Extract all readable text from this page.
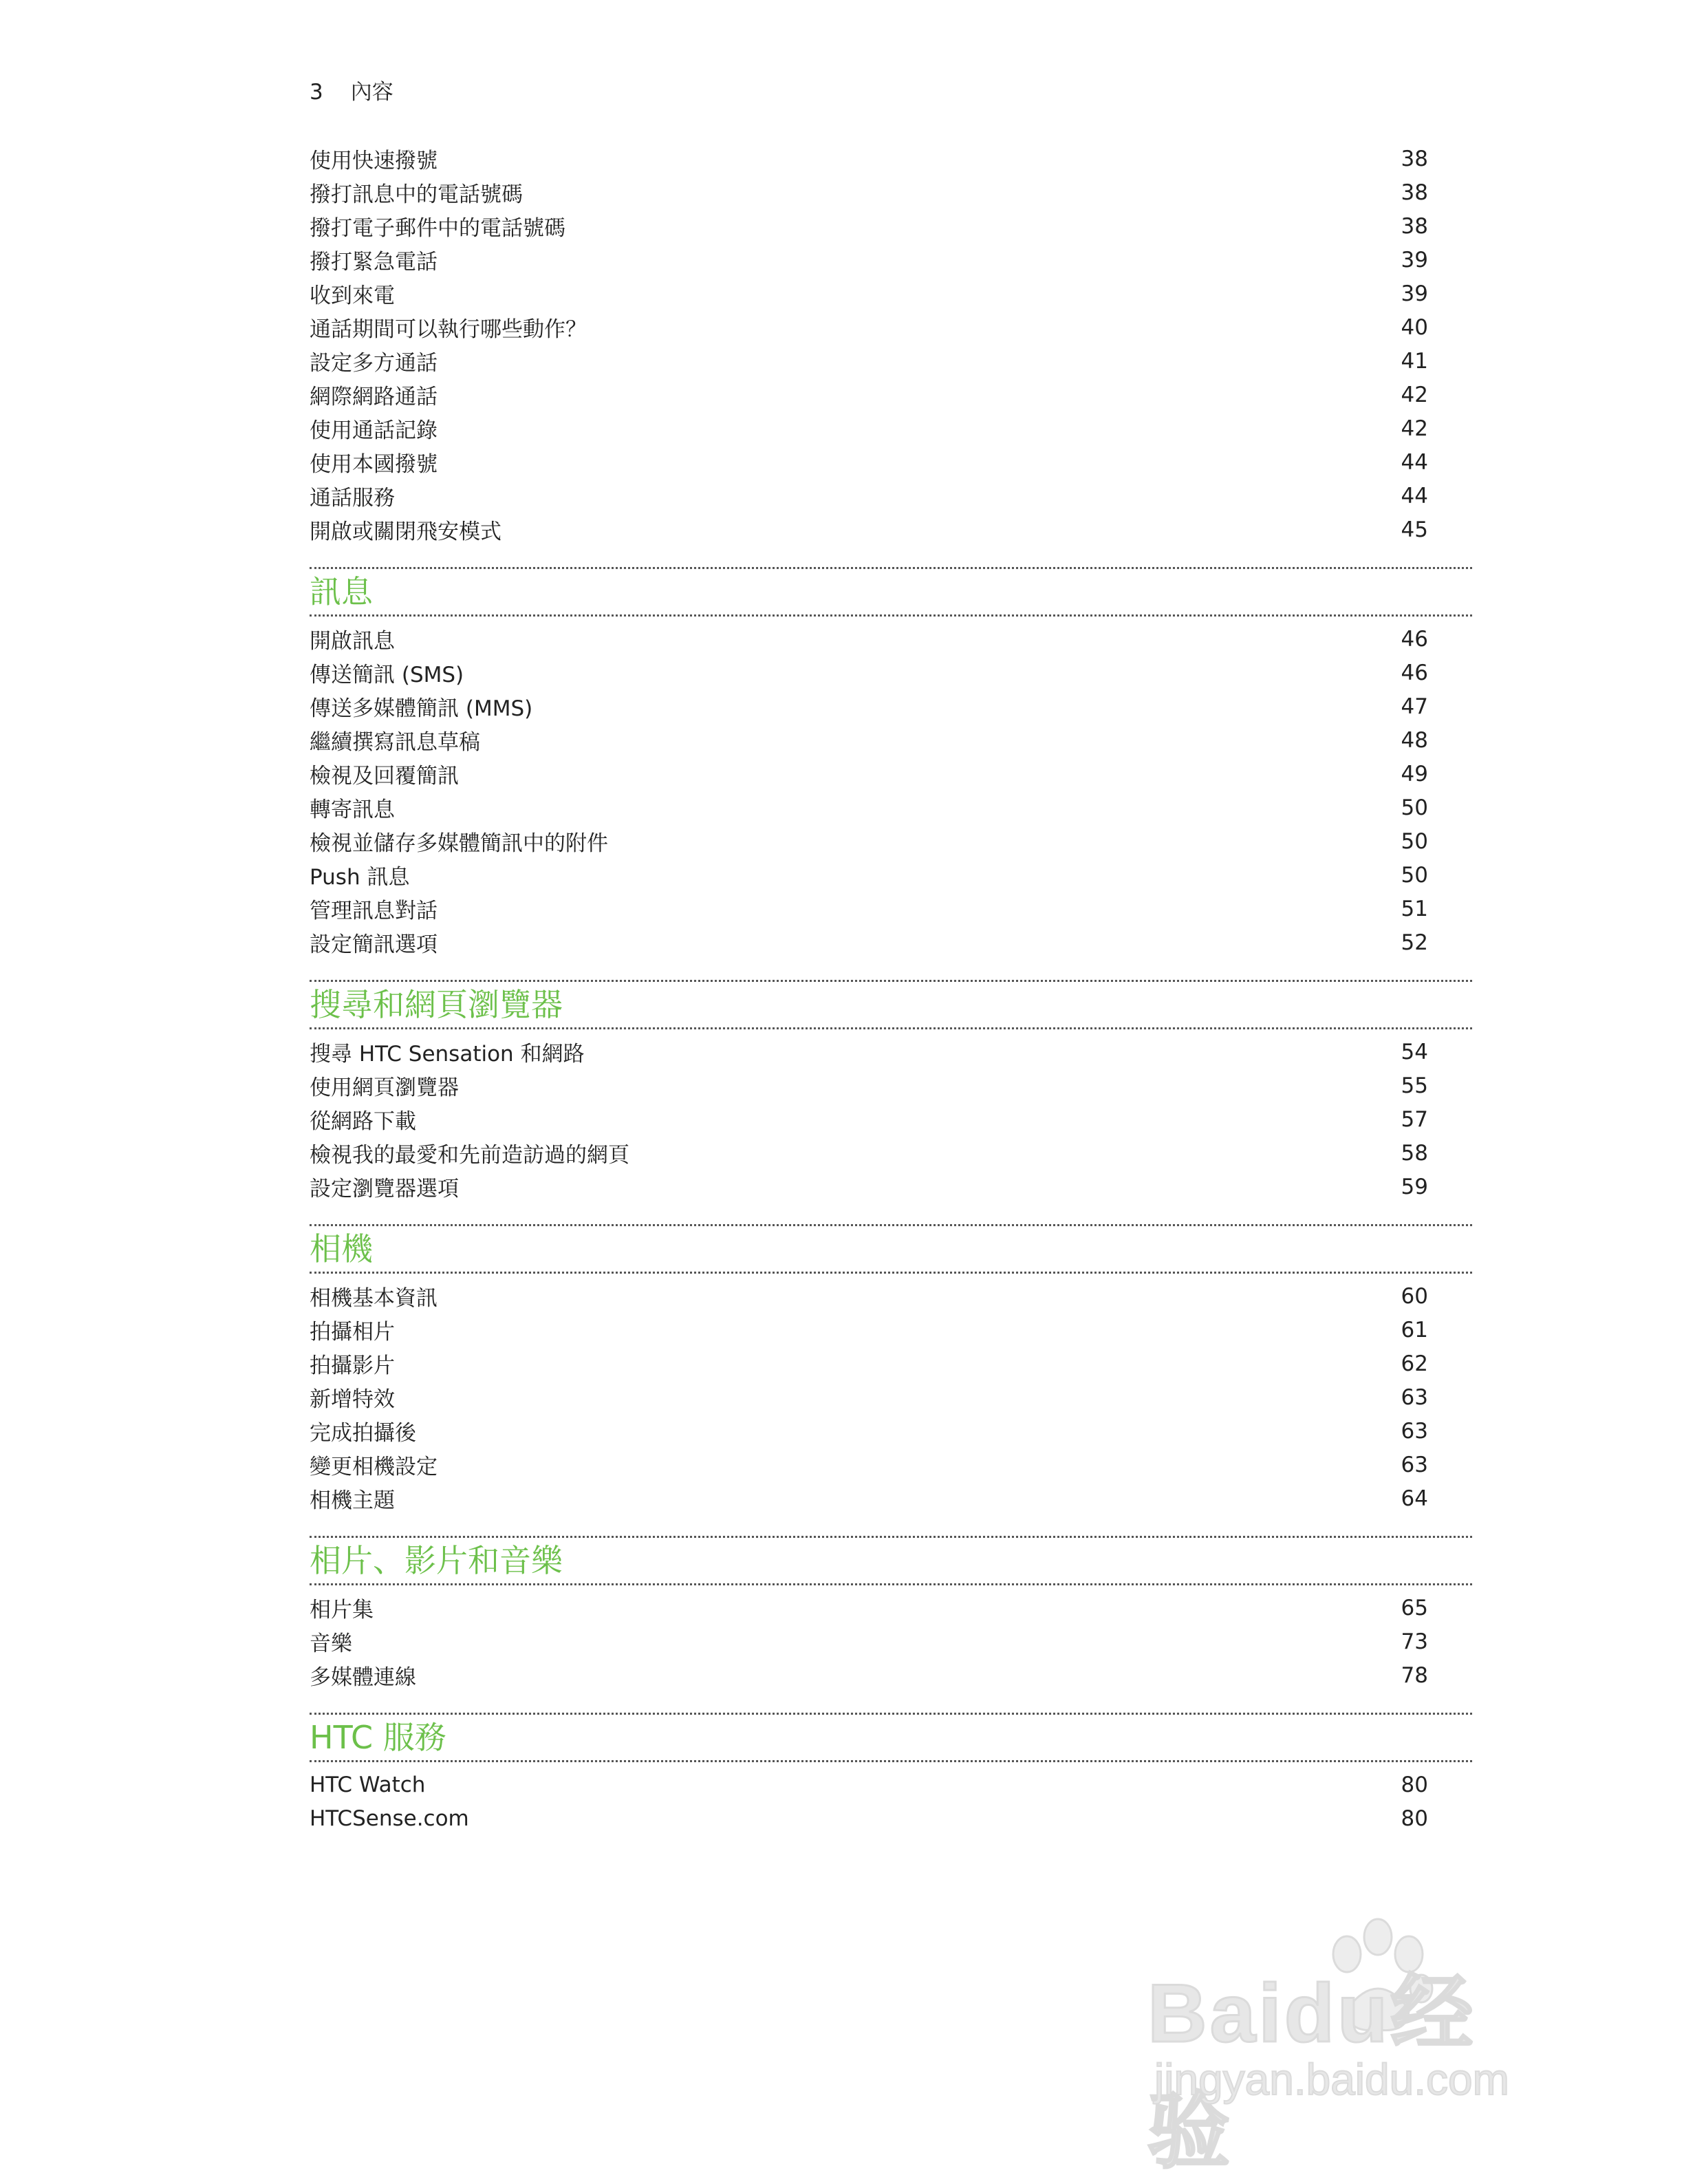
3 內容
使用快速撥號	38
撥打訊息中的電話號碼	38
撥打電子郵件中的電話號碼	38
撥打緊急電話	39
收到來電	39
通話期間可以執行哪些動作？	40
設定多方通話	41
網際網路通話	42
使用通話記錄	42
使用本國撥號	44
通話服務	44
開啟或關閉飛安模式	45
訊息
開啟訊息	46
傳送簡訊 (SMS)	46
傳送多媒體簡訊 (MMS)	47
繼續撰寫訊息草稿	48
檢視及回覆簡訊	49
轉寄訊息	50
檢視並儲存多媒體簡訊中的附件	50
Push 訊息	50
管理訊息對話	51
設定簡訊選項	52
搜尋和網頁瀏覽器
搜尋 HTC Sensation 和網路	54
使用網頁瀏覽器	55
從網路下載	57
檢視我的最愛和先前造訪過的網頁	58
設定瀏覽器選項	59
相機
相機基本資訊	60
拍攝相片	61
拍攝影片	62
新增特效	63
完成拍攝後	63
變更相機設定	63
相機主題	64
相片、影片和音樂
相片集	65
音樂	73
多媒體連線	78
HTC 服務
HTC Watch	80
HTCSense.com	80
Baidu经验
jingyan.baidu.com
